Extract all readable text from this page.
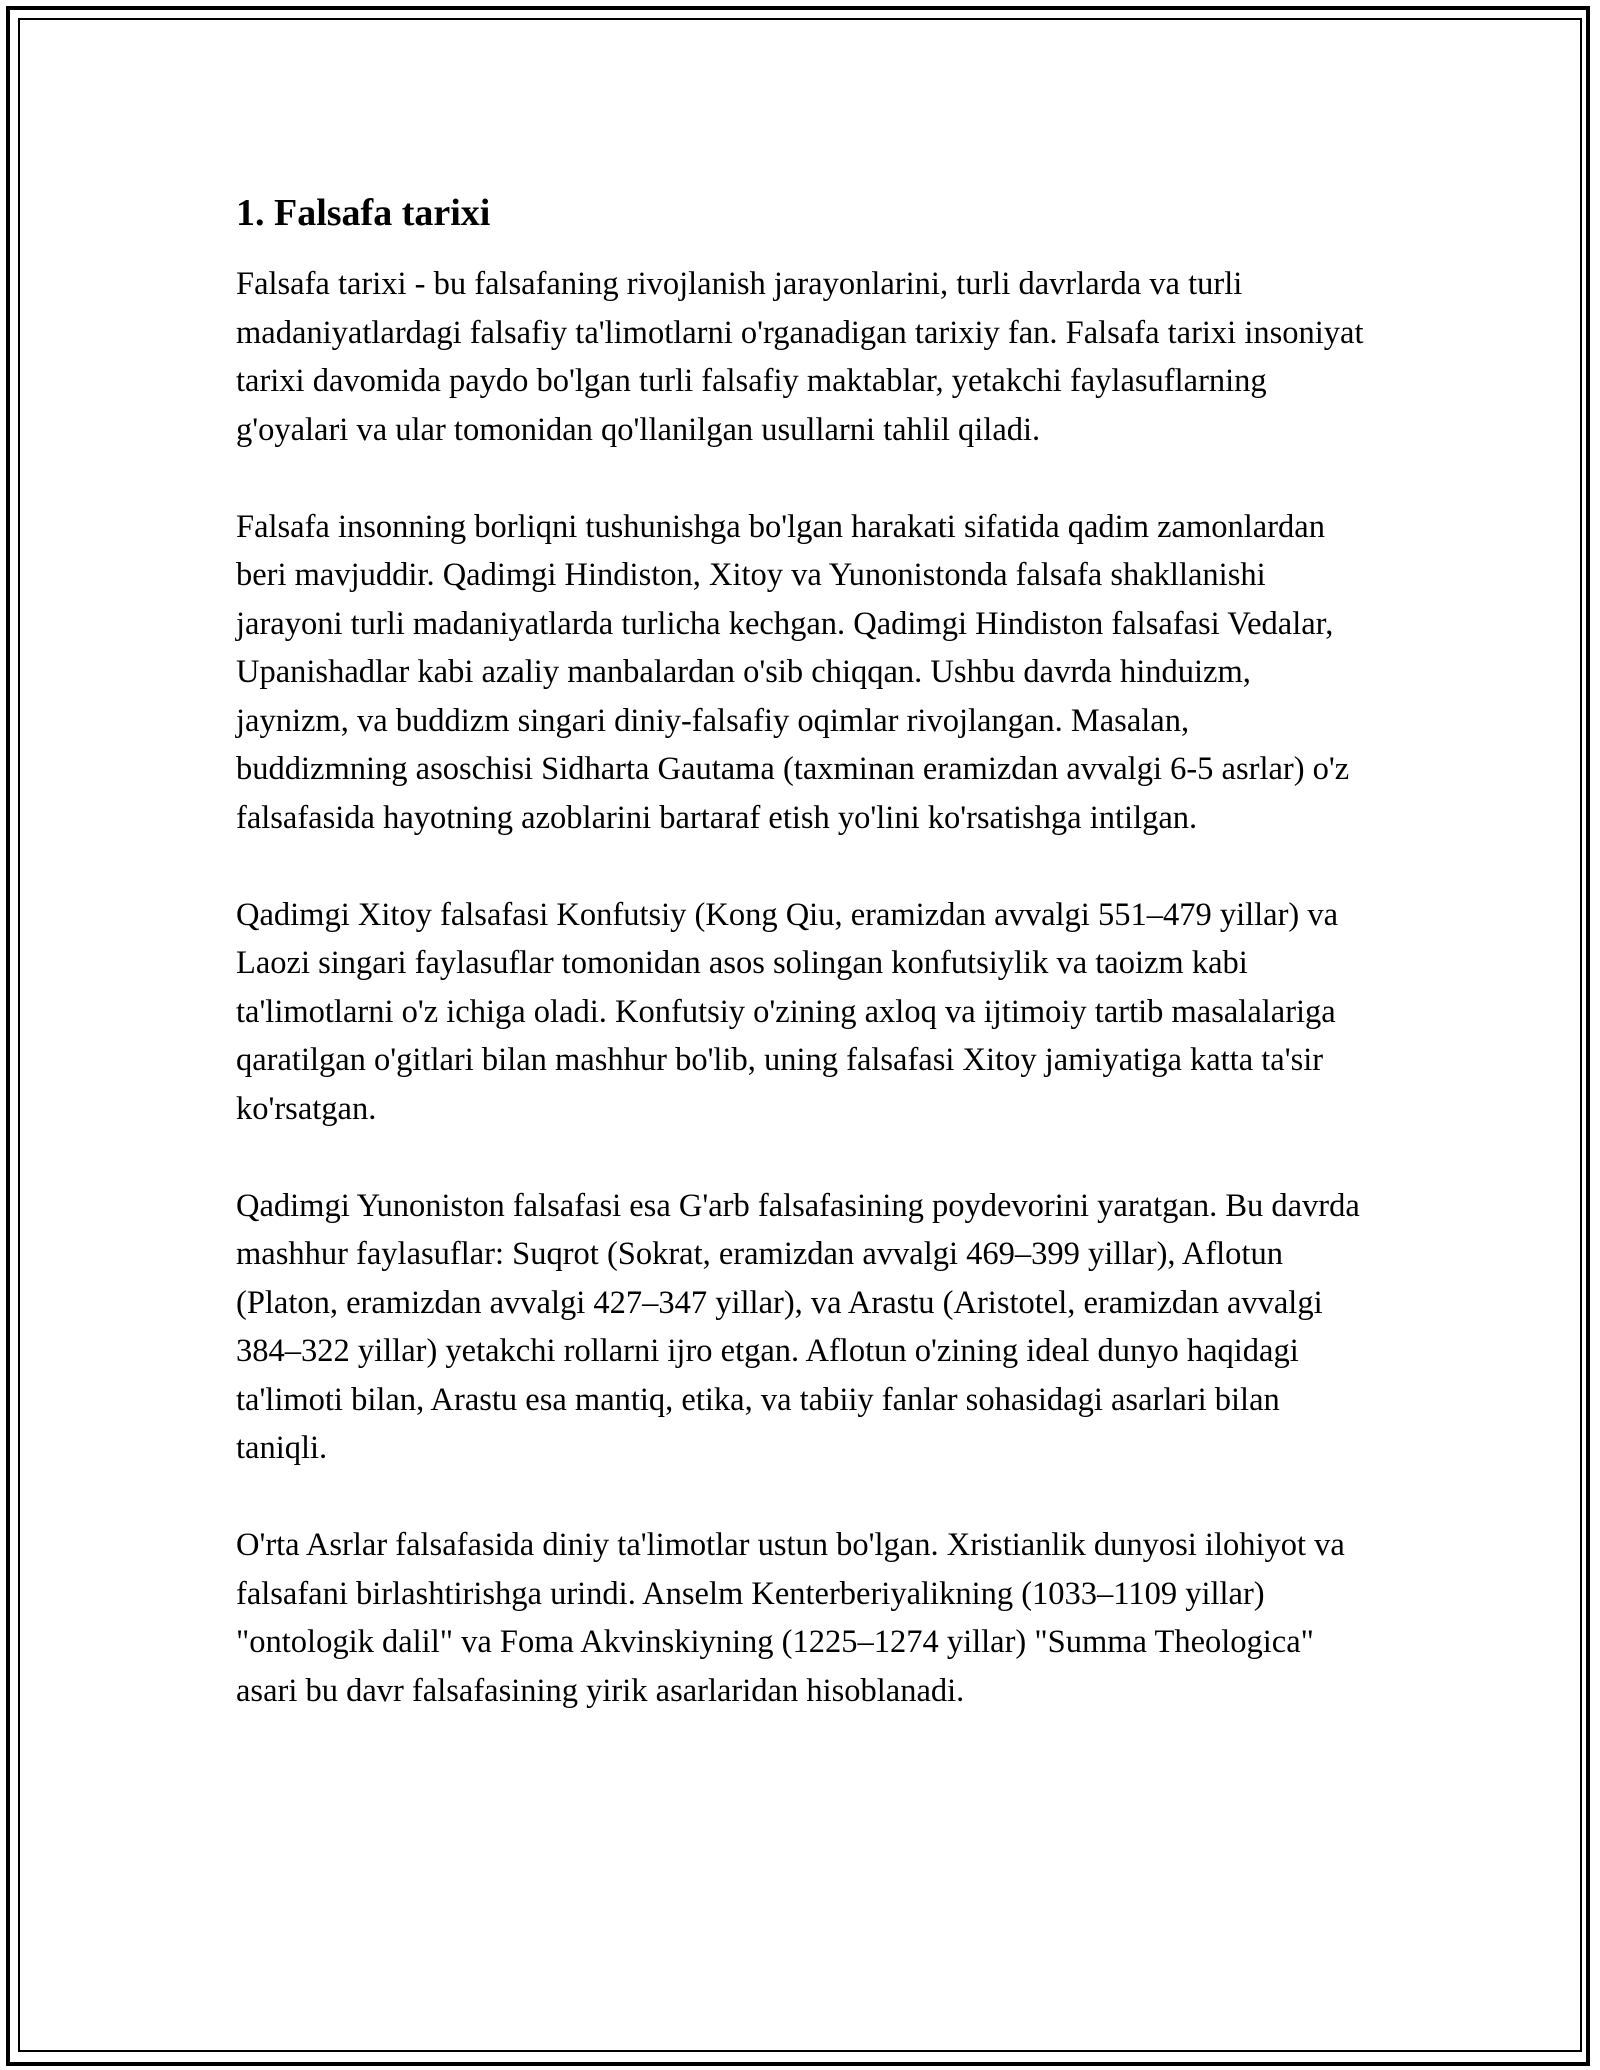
1. Falsafa tarixi

Falsafa tarixi - bu falsafaning rivojlanish jarayonlarini, turli davrlarda va turli madaniyatlardagi falsafiy ta'limotlarni o'rganadigan tarixiy fan. Falsafa tarixi insoniyat tarixi davomida paydo bo'lgan turli falsafiy maktablar, yetakchi faylasuflarning g'oyalari va ular tomonidan qo'llanilgan usullarni tahlil qiladi.

Falsafa insonning borliqni tushunishga bo'lgan harakati sifatida qadim zamonlardan beri mavjuddir. Qadimgi Hindiston, Xitoy va Yunonistonda falsafa shakllanishi jarayoni turli madaniyatlarda turlicha kechgan. Qadimgi Hindiston falsafasi Vedalar, Upanishadlar kabi azaliy manbalardan o'sib chiqqan. Ushbu davrda hinduizm, jaynizm, va buddizm singari diniy-falsafiy oqimlar rivojlangan. Masalan, buddizmning asoschisi Sidharta Gautama (taxminan eramizdan avvalgi 6-5 asrlar) o'z falsafasida hayotning azoblarini bartaraf etish yo'lini ko'rsatishga intilgan.

Qadimgi Xitoy falsafasi Konfutsiy (Kong Qiu, eramizdan avvalgi 551–479 yillar) va Laozi singari faylasuflar tomonidan asos solingan konfutsiylik va taoizm kabi ta'limotlarni o'z ichiga oladi. Konfutsiy o'zining axloq va ijtimoiy tartib masalalariga qaratilgan o'gitlari bilan mashhur bo'lib, uning falsafasi Xitoy jamiyatiga katta ta'sir ko'rsatgan.

Qadimgi Yunoniston falsafasi esa G'arb falsafasining poydevorini yaratgan. Bu davrda mashhur faylasuflar: Suqrot (Sokrat, eramizdan avvalgi 469–399 yillar), Aflotun (Platon, eramizdan avvalgi 427–347 yillar), va Arastu (Aristotel, eramizdan avvalgi 384–322 yillar) yetakchi rollarni ijro etgan. Aflotun o'zining ideal dunyo haqidagi ta'limoti bilan, Arastu esa mantiq, etika, va tabiiy fanlar sohasidagi asarlari bilan taniqli.

O'rta Asrlar falsafasida diniy ta'limotlar ustun bo'lgan. Xristianlik dunyosi ilohiyot va falsafani birlashtirishga urindi. Anselm Kenterberiyalikning (1033–1109 yillar) "ontologik dalil" va Foma Akvinskiyning (1225–1274 yillar) "Summa Theologica" asari bu davr falsafasining yirik asarlaridan hisoblanadi.
